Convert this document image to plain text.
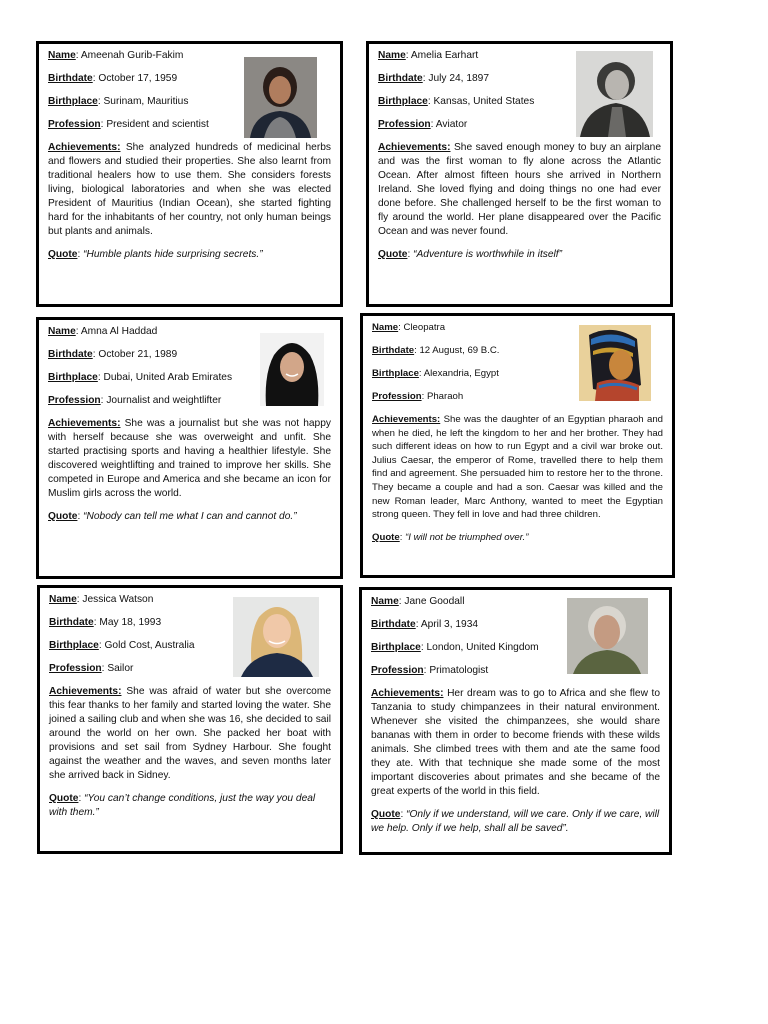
Name: Ameenah Gurib-Fakim
Birthdate: October 17, 1959
Birthplace: Surinam, Mauritius
Profession: President and scientist
Achievements: She analyzed hundreds of medicinal herbs and flowers and studied their properties. She also learnt from traditional healers how to use them. She considers forests living, biological laboratories and when she was elected President of Mauritius (Indian Ocean), she started fighting hard for the inhabitants of her country, not only human beings but plants and animals.
Quote: “Humble plants hide surprising secrets.”
Name: Amelia Earhart
Birthdate: July 24, 1897
Birthplace: Kansas, United States
Profession: Aviator
Achievements: She saved enough money to buy an airplane and was the first woman to fly alone across the Atlantic Ocean. After almost fifteen hours she arrived in Northern Ireland. She loved flying and doing things no one had ever done before. She challenged herself to be the first woman to fly around the world. Her plane disappeared over the Pacific Ocean and was never found.
Quote: “Adventure is worthwhile in itself”
Name: Amna Al Haddad
Birthdate: October 21, 1989
Birthplace: Dubai, United Arab Emirates
Profession: Journalist and weightlifter
Achievements: She was a journalist but she was not happy with herself because she was overweight and unfit. She started practising sports and having a healthier lifestyle. She discovered weightlifting and trained to improve her skills. She competed in Europe and America and she became an icon for Muslim girls across the world.
Quote: “Nobody can tell me what I can and cannot do.”
Name: Cleopatra
Birthdate: 12 August, 69 B.C.
Birthplace: Alexandria, Egypt
Profession: Pharaoh
Achievements: She was the daughter of an Egyptian pharaoh and when he died, he left the kingdom to her and her brother. They had such different ideas on how to run Egypt and a civil war broke out. Julius Caesar, the emperor of Rome, travelled there to help them find and agreement. She persuaded him to restore her to the throne. They became a couple and had a son. Caesar was killed and the new Roman leader, Marc Anthony, wanted to meet the Egyptian strong queen. They fell in love and had three children.
Quote: “I will not be triumphed over.”
Name: Jessica Watson
Birthdate: May 18, 1993
Birthplace: Gold Cost, Australia
Profession: Sailor
Achievements: She was afraid of water but she overcome this fear thanks to her family and started loving the water. She joined a sailing club and when she was 16, she decided to sail around the world on her own. She packed her boat with provisions and set sail from Sydney Harbour. She fought against the weather and the waves, and seven months later she arrived back in Sidney.
Quote: “You can’t change conditions, just the way you deal with them.”
Name: Jane Goodall
Birthdate: April 3, 1934
Birthplace: London, United Kingdom
Profession: Primatologist
Achievements: Her dream was to go to Africa and she flew to Tanzania to study chimpanzees in their natural environment. Whenever she visited the chimpanzees, she would share bananas with them in order to become friends with these wilds animals. She climbed trees with them and ate the same food they ate. With that technique she made some of the most important discoveries about primates and she became of the great experts of the world in this field.
Quote: “Only if we understand, will we care. Only if we care, will we help. Only if we help, shall all be saved”.
